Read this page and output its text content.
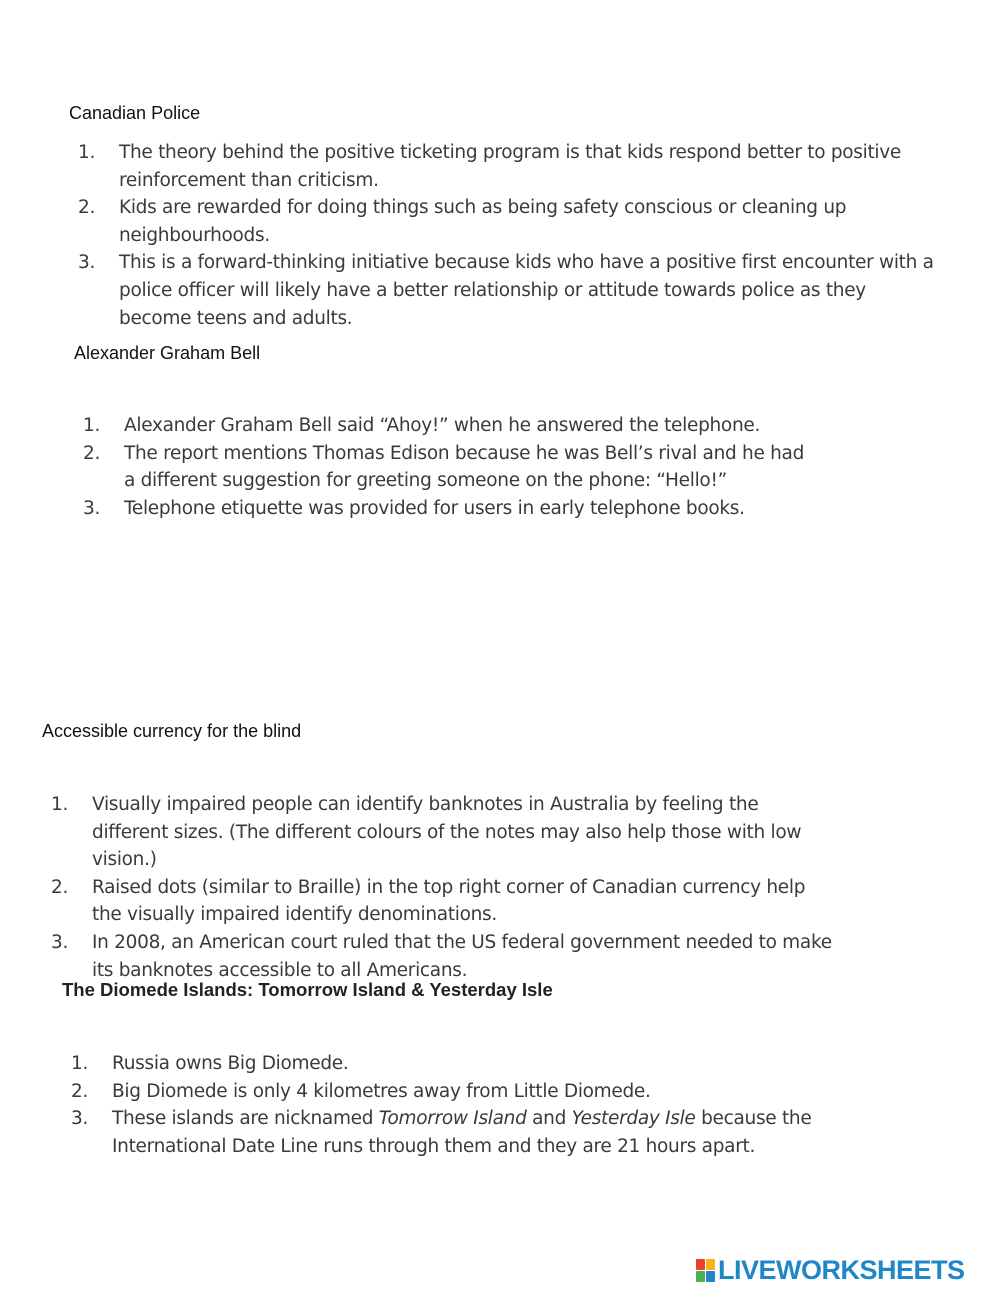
Canadian Police
1. The theory behind the positive ticketing program is that kids respond better to positive reinforcement than criticism.
2. Kids are rewarded for doing things such as being safety conscious or cleaning up neighbourhoods.
3. This is a forward-thinking initiative because kids who have a positive first encounter with a police officer will likely have a better relationship or attitude towards police as they become teens and adults.
Alexander Graham Bell
1. Alexander Graham Bell said “Ahoy!” when he answered the telephone.
2. The report mentions Thomas Edison because he was Bell’s rival and he had a different suggestion for greeting someone on the phone: “Hello!”
3. Telephone etiquette was provided for users in early telephone books.
Accessible currency for the blind
1. Visually impaired people can identify banknotes in Australia by feeling the different sizes. (The different colours of the notes may also help those with low vision.)
2. Raised dots (similar to Braille) in the top right corner of Canadian currency help the visually impaired identify denominations.
3. In 2008, an American court ruled that the US federal government needed to make its banknotes accessible to all Americans.
The Diomede Islands: Tomorrow Island & Yesterday Isle
1. Russia owns Big Diomede.
2. Big Diomede is only 4 kilometres away from Little Diomede.
3. These islands are nicknamed Tomorrow Island and Yesterday Isle because the International Date Line runs through them and they are 21 hours apart.
LIVEWORKSHEETS
